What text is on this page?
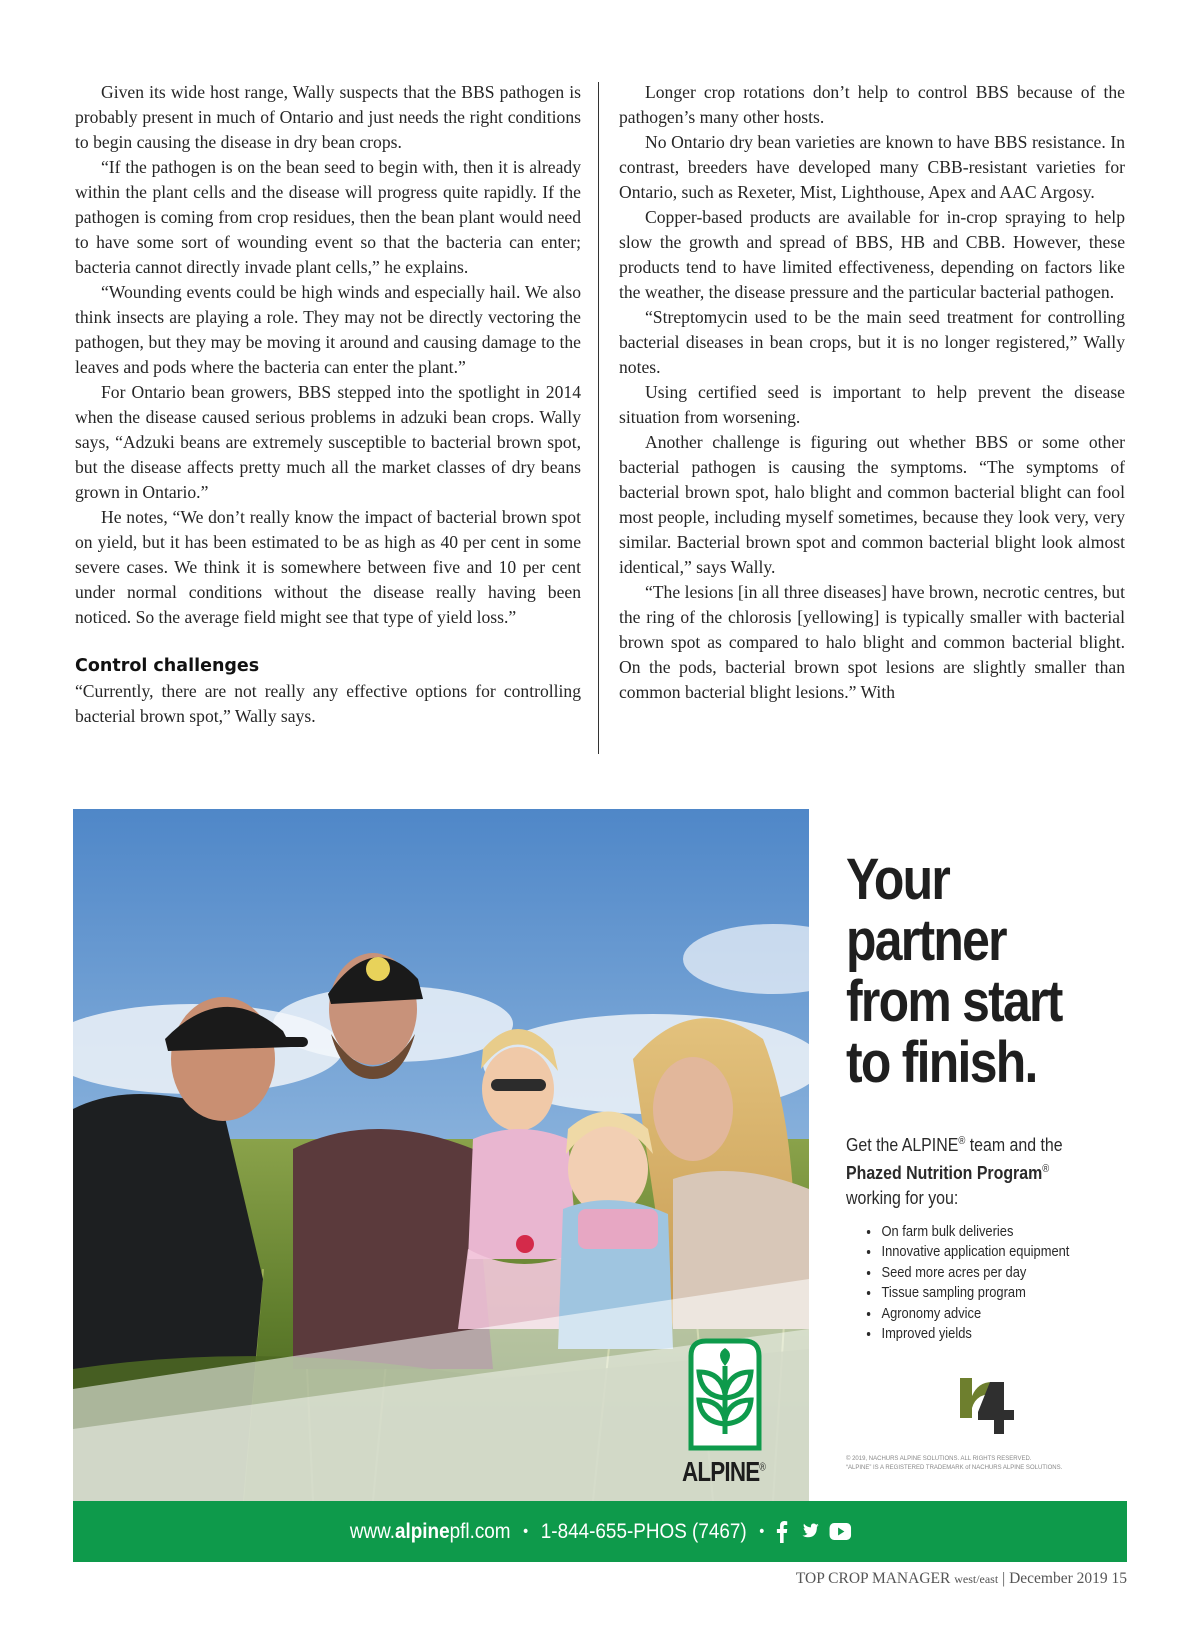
Given its wide host range, Wally suspects that the BBS pathogen is probably present in much of Ontario and just needs the right conditions to begin causing the disease in dry bean crops.

“If the pathogen is on the bean seed to begin with, then it is already within the plant cells and the disease will progress quite rapidly. If the pathogen is coming from crop residues, then the bean plant would need to have some sort of wounding event so that the bacteria can enter; bacteria cannot directly invade plant cells,” he explains.

“Wounding events could be high winds and especially hail. We also think insects are playing a role. They may not be directly vectoring the pathogen, but they may be moving it around and causing damage to the leaves and pods where the bacteria can enter the plant.”

For Ontario bean growers, BBS stepped into the spotlight in 2014 when the disease caused serious problems in adzuki bean crops. Wally says, “Adzuki beans are extremely susceptible to bacterial brown spot, but the disease affects pretty much all the market classes of dry beans grown in Ontario.”

He notes, “We don’t really know the impact of bacterial brown spot on yield, but it has been estimated to be as high as 40 per cent in some severe cases. We think it is somewhere between five and 10 per cent under normal conditions without the disease really having been noticed. So the average field might see that type of yield loss.”

Control challenges

“Currently, there are not really any effective options for controlling bacterial brown spot,” Wally says.

Longer crop rotations don’t help to control BBS because of the pathogen’s many other hosts.

No Ontario dry bean varieties are known to have BBS resistance. In contrast, breeders have developed many CBB-resistant varieties for Ontario, such as Rexeter, Mist, Lighthouse, Apex and AAC Argosy.

Copper-based products are available for in-crop spraying to help slow the growth and spread of BBS, HB and CBB. However, these products tend to have limited effectiveness, depending on factors like the weather, the disease pressure and the particular bacterial pathogen.

“Streptomycin used to be the main seed treatment for controlling bacterial diseases in bean crops, but it is no longer registered,” Wally notes.

Using certified seed is important to help prevent the disease situation from worsening.

Another challenge is figuring out whether BBS or some other bacterial pathogen is causing the symptoms. “The symptoms of bacterial brown spot, halo blight and common bacterial blight can fool most people, including myself sometimes, because they look very, very similar. Bacterial brown spot and common bacterial blight look almost identical,” says Wally.

“The lesions [in all three diseases] have brown, necrotic centres, but the ring of the chlorosis [yellowing] is typically smaller with bacterial brown spot as compared to halo blight and common bacterial blight. On the pods, bacterial brown spot lesions are slightly smaller than common bacterial blight lesions.” With

ALPINE®
Your
partner
from start
to finish.
Get the ALPINE® team and the
Phazed Nutrition Program®
working for you:
• On farm bulk deliveries
• Innovative application equipment
• Seed more acres per day
• Tissue sampling program
• Agronomy advice
• Improved yields
© 2019, NACHURS ALPINE SOLUTIONS. ALL RIGHTS RESERVED.
“ALPINE” IS A REGISTERED TRADEMARK of NACHURS ALPINE SOLUTIONS.
www.alpinepfl.com • 1-844-655-PHOS (7467) •
TOP CROP MANAGER west/east | December 2019 15
